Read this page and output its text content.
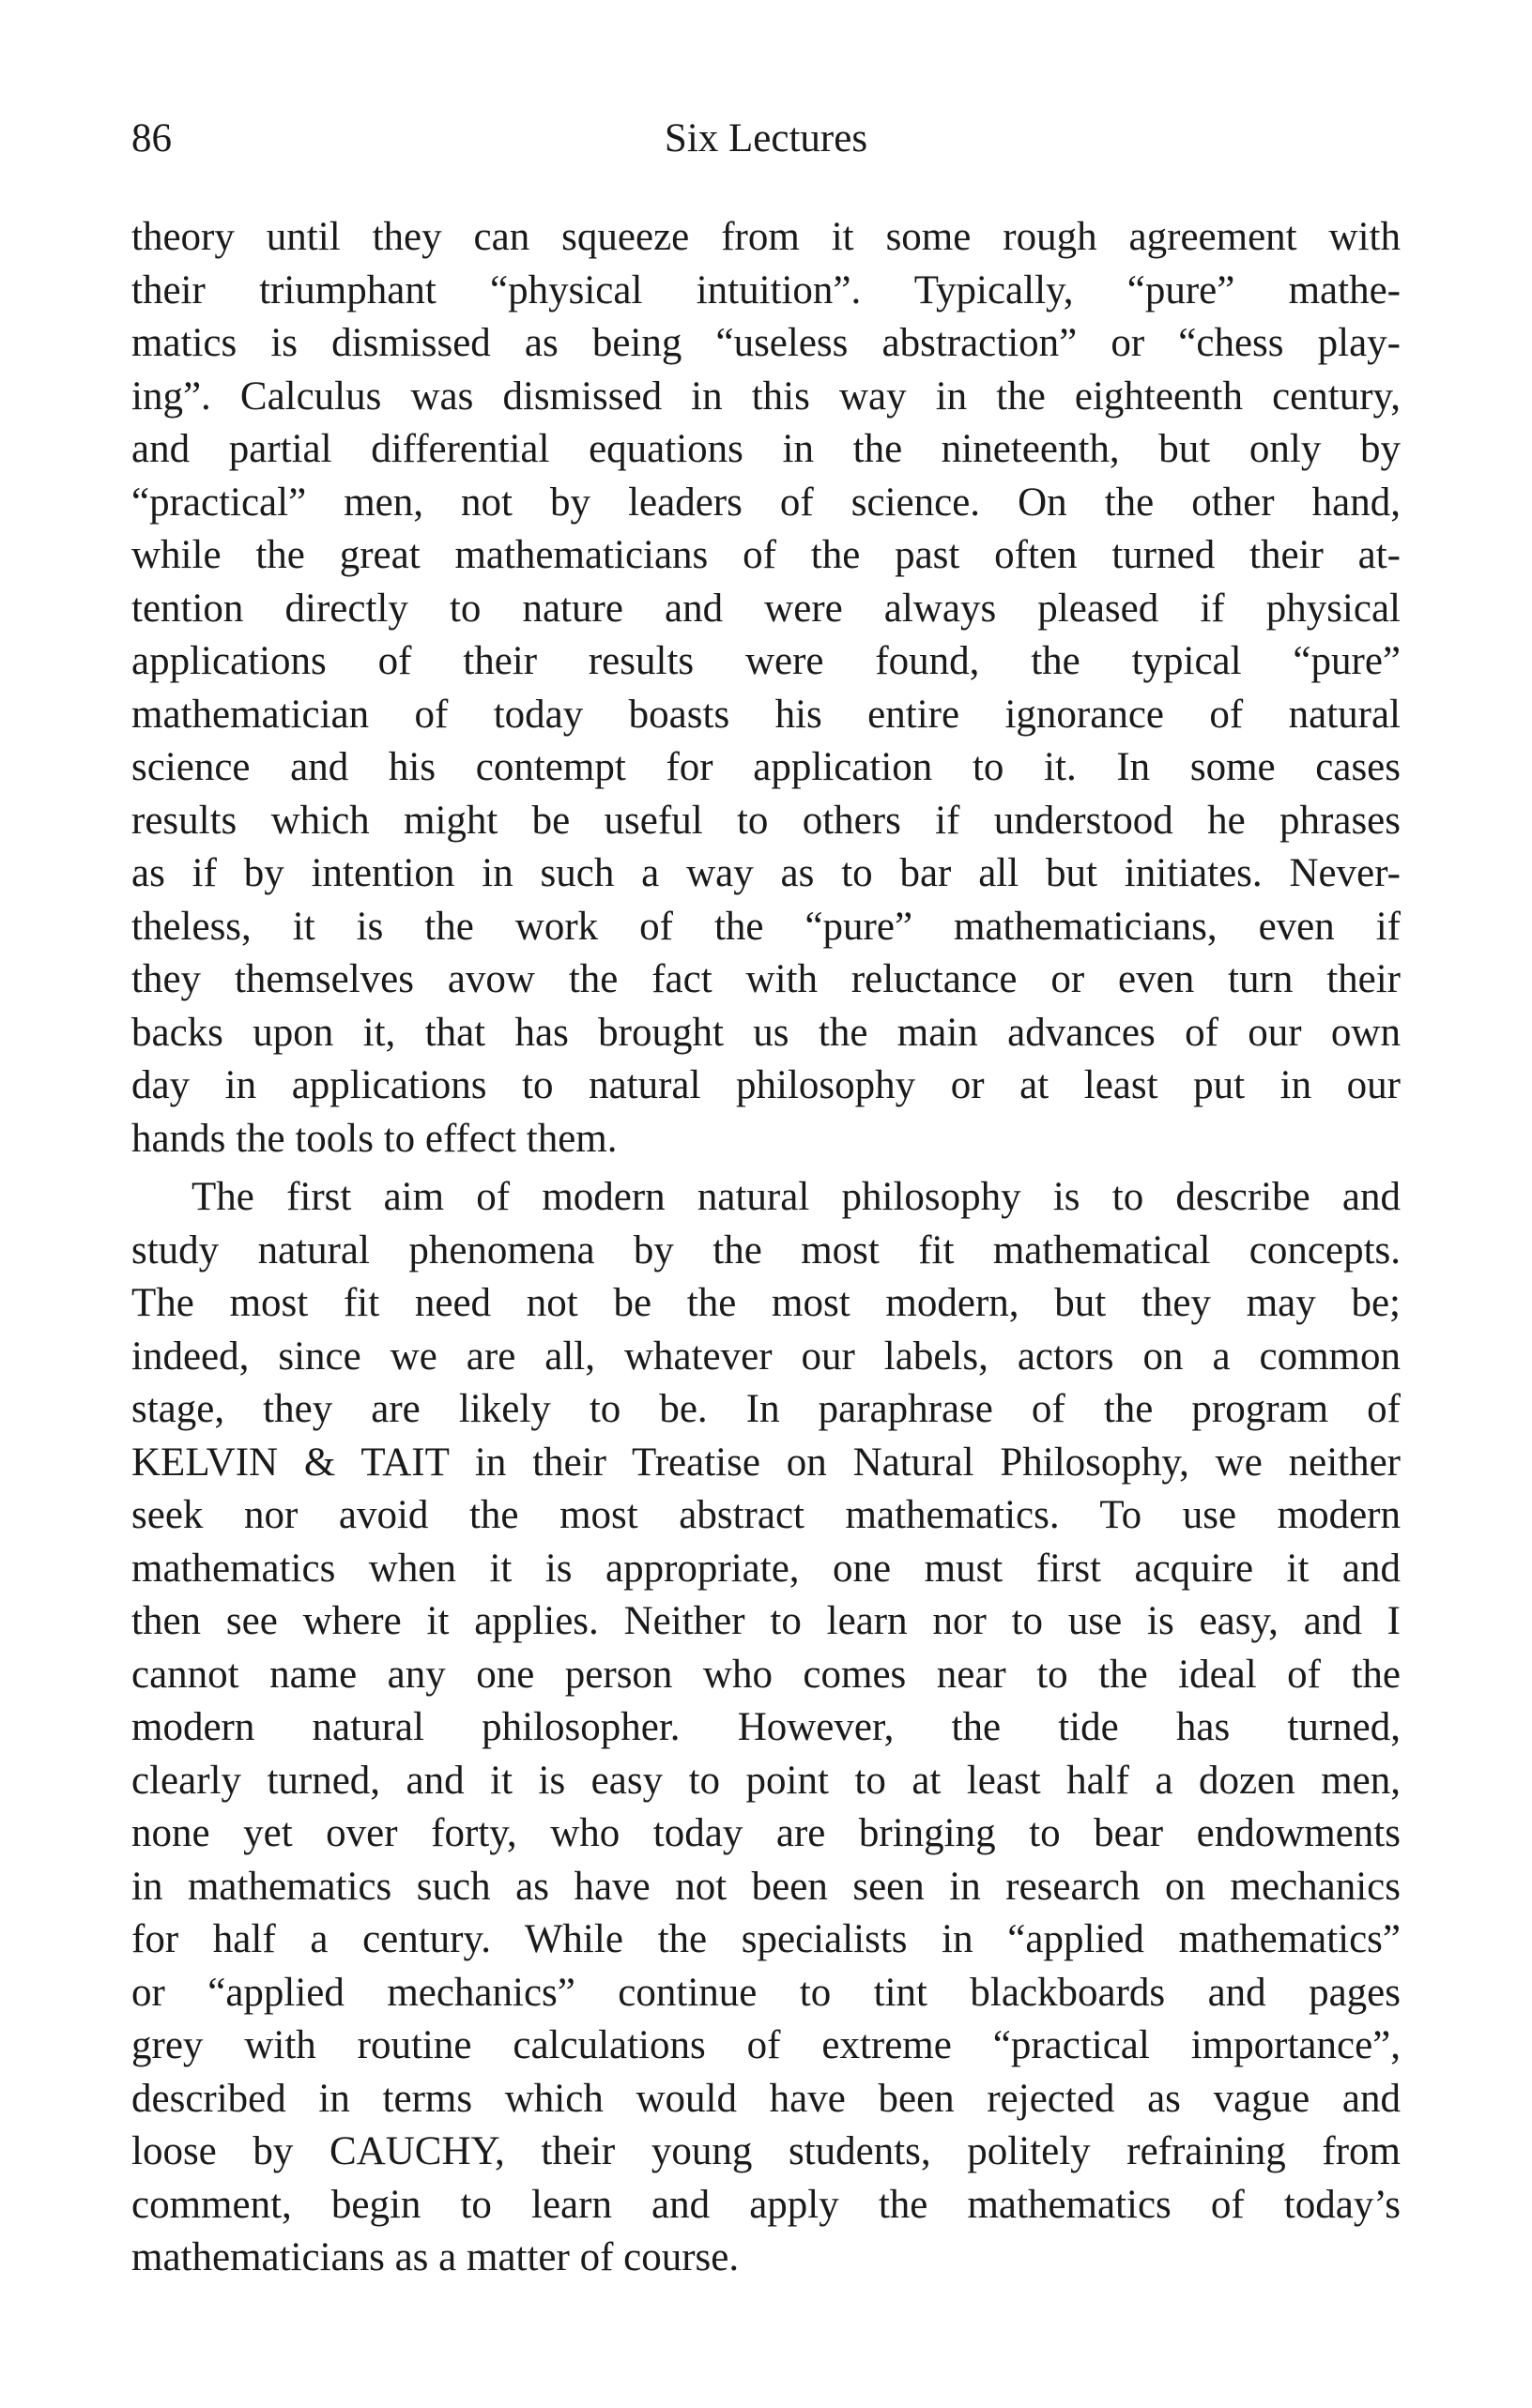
86	Six Lectures
theory until they can squeeze from it some rough agreement with
their triumphant “physical intuition”. Typically, “pure” mathe-
matics is dismissed as being “useless abstraction” or “chess play-
ing”. Calculus was dismissed in this way in the eighteenth century,
and partial differential equations in the nineteenth, but only by
“practical” men, not by leaders of science. On the other hand,
while the great mathematicians of the past often turned their at-
tention directly to nature and were always pleased if physical
applications of their results were found, the typical “pure”
mathematician of today boasts his entire ignorance of natural
science and his contempt for application to it. In some cases
results which might be useful to others if understood he phrases
as if by intention in such a way as to bar all but initiates. Never-
theless, it is the work of the “pure” mathematicians, even if
they themselves avow the fact with reluctance or even turn their
backs upon it, that has brought us the main advances of our own
day in applications to natural philosophy or at least put in our
hands the tools to effect them.
The first aim of modern natural philosophy is to describe and
study natural phenomena by the most fit mathematical concepts.
The most fit need not be the most modern, but they may be;
indeed, since we are all, whatever our labels, actors on a common
stage, they are likely to be. In paraphrase of the program of
KELVIN & TAIT in their Treatise on Natural Philosophy, we neither
seek nor avoid the most abstract mathematics. To use modern
mathematics when it is appropriate, one must first acquire it and
then see where it applies. Neither to learn nor to use is easy, and I
cannot name any one person who comes near to the ideal of the
modern natural philosopher. However, the tide has turned,
clearly turned, and it is easy to point to at least half a dozen men,
none yet over forty, who today are bringing to bear endowments
in mathematics such as have not been seen in research on mechanics
for half a century. While the specialists in “applied mathematics”
or “applied mechanics” continue to tint blackboards and pages
grey with routine calculations of extreme “practical importance”,
described in terms which would have been rejected as vague and
loose by CAUCHY, their young students, politely refraining from
comment, begin to learn and apply the mathematics of today’s
mathematicians as a matter of course.
